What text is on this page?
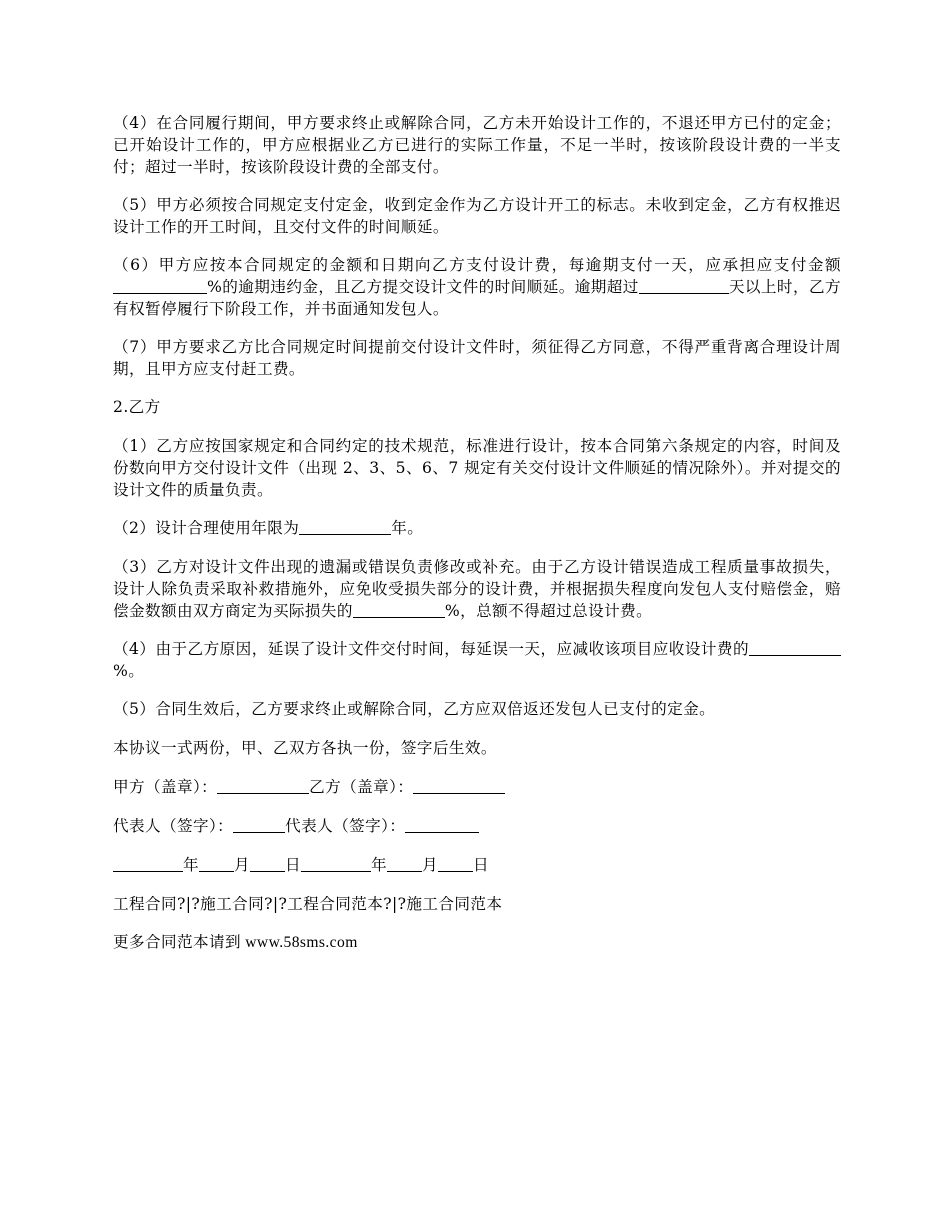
（4）在合同履行期间，甲方要求终止或解除合同，乙方未开始设计工作的，不退还甲方已付的定金；已开始设计工作的，甲方应根据业乙方已进行的实际工作量，不足一半时，按该阶段设计费的一半支付；超过一半时，按该阶段设计费的全部支付。

（5）甲方必须按合同规定支付定金，收到定金作为乙方设计开工的标志。未收到定金，乙方有权推迟设计工作的开工时间，且交付文件的时间顺延。

（6）甲方应按本合同规定的金额和日期向乙方支付设计费，每逾期支付一天，应承担应支付金额%的逾期违约金，且乙方提交设计文件的时间顺延。逾期超过	天以上时，乙方有权暂停履行下阶段工作，并书面通知发包人。

（7）甲方要求乙方比合同规定时间提前交付设计文件时，须征得乙方同意，不得严重背离合理设计周期，且甲方应支付赶工费。

2.乙方

（1）乙方应按国家规定和合同约定的技术规范，标准进行设计，按本合同第六条规定的内容，时间及份数向甲方交付设计文件（出现 2、3、5、6、7 规定有关交付设计文件顺延的情况除外）。并对提交的设计文件的质量负责。

（2）设计合理使用年限为	年。

（3）乙方对设计文件出现的遗漏或错误负责修改或补充。由于乙方设计错误造成工程质量事故损失，设计人除负责采取补救措施外，应免收受损失部分的设计费，并根据损失程度向发包人支付赔偿金，赔偿金数额由双方商定为买际损失的	%，总额不得超过总设计费。

（4）由于乙方原因，延误了设计文件交付时间，每延误一天，应减收该项目应收设计费的%。

（5）合同生效后，乙方要求终止或解除合同，乙方应双倍返还发包人已支付的定金。

本协议一式两份，甲、乙双方各执一份，签字后生效。

甲方（盖章）：	乙方（盖章）：

代表人（签字）：	代表人（签字）：

年 月 日	年 月 日

工程合同?|?施工合同?|?工程合同范本?|?施工合同范本

更多合同范本请到 www.58sms.com
